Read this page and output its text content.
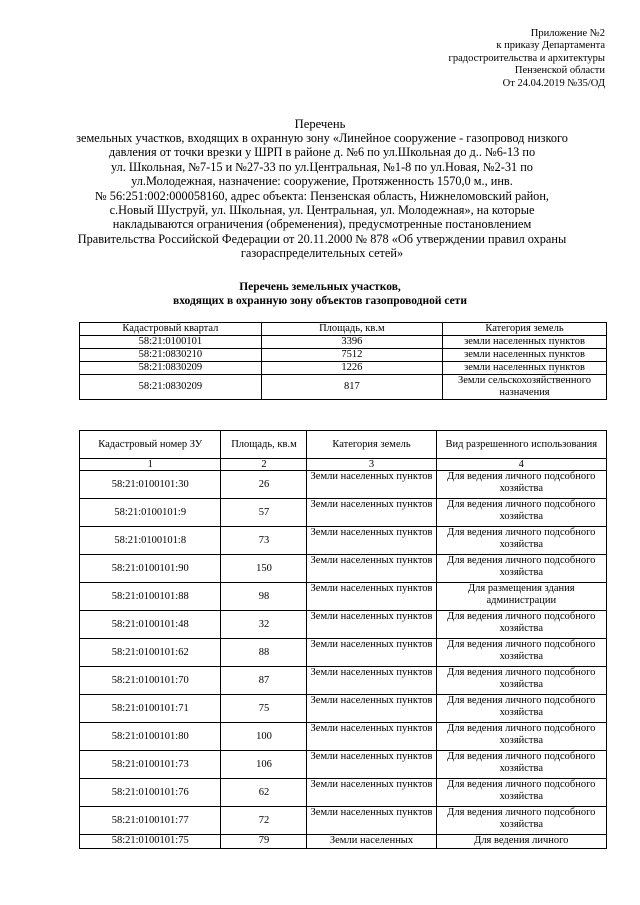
Приложение №2
к приказу Департамента
градостроительства и архитектуры
Пензенской области
От 24.04.2019 №35/ОД
Перечень
земельных участков, входящих в охранную зону «Линейное сооружение - газопровод низкого
давления от точки врезки у ШРП в районе д. №6 по ул.Школьная до д.. №6-13 по
ул. Школьная, №7-15 и №27-33 по ул.Центральная, №1-8 по ул.Новая, №2-31 по
ул.Молодежная, назначение: сооружение, Протяженность 1570,0 м., инв.
№ 56:251:002:000058160, адрес объекта: Пензенская область, Нижнеломовский район,
с.Новый Шуструй, ул. Школьная, ул. Центральная, ул. Молодежная», на которые
накладываются ограничения (обременения), предусмотренные постановлением
Правительства Российской Федерации от 20.11.2000 № 878 «Об утверждении правил охраны
газораспределительных сетей»
Перечень земельных участков,
входящих в охранную зону объектов газопроводной сети
Кадастровый квартал	Площадь, кв.м	Категория земель
58:21:0100101	3396	земли населенных пунктов
58:21:0830210	7512	земли населенных пунктов
58:21:0830209	1226	земли населенных пунктов
58:21:0830209	817	Земли сельскохозяйственного назначения
Кадастровый номер ЗУ	Площадь, кв.м	Категория земель	Вид разрешенного использования
1	2	3	4
58:21:0100101:30	26	Земли населенных пунктов	Для ведения личного подсобного хозяйства
58:21:0100101:9	57	Земли населенных пунктов	Для ведения личного подсобного хозяйства
58:21:0100101:8	73	Земли населенных пунктов	Для ведения личного подсобного хозяйства
58:21:0100101:90	150	Земли населенных пунктов	Для ведения личного подсобного хозяйства
58:21:0100101:88	98	Земли населенных пунктов	Для размещения здания администрации
58:21:0100101:48	32	Земли населенных пунктов	Для ведения личного подсобного хозяйства
58:21:0100101:62	88	Земли населенных пунктов	Для ведения личного подсобного хозяйства
58:21:0100101:70	87	Земли населенных пунктов	Для ведения личного подсобного хозяйства
58:21:0100101:71	75	Земли населенных пунктов	Для ведения личного подсобного хозяйства
58:21:0100101:80	100	Земли населенных пунктов	Для ведения личного подсобного хозяйства
58:21:0100101:73	106	Земли населенных пунктов	Для ведения личного подсобного хозяйства
58:21:0100101:76	62	Земли населенных пунктов	Для ведения личного подсобного хозяйства
58:21:0100101:77	72	Земли населенных пунктов	Для ведения личного подсобного хозяйства
58:21:0100101:75	79	Земли населенных	Для ведения личного
